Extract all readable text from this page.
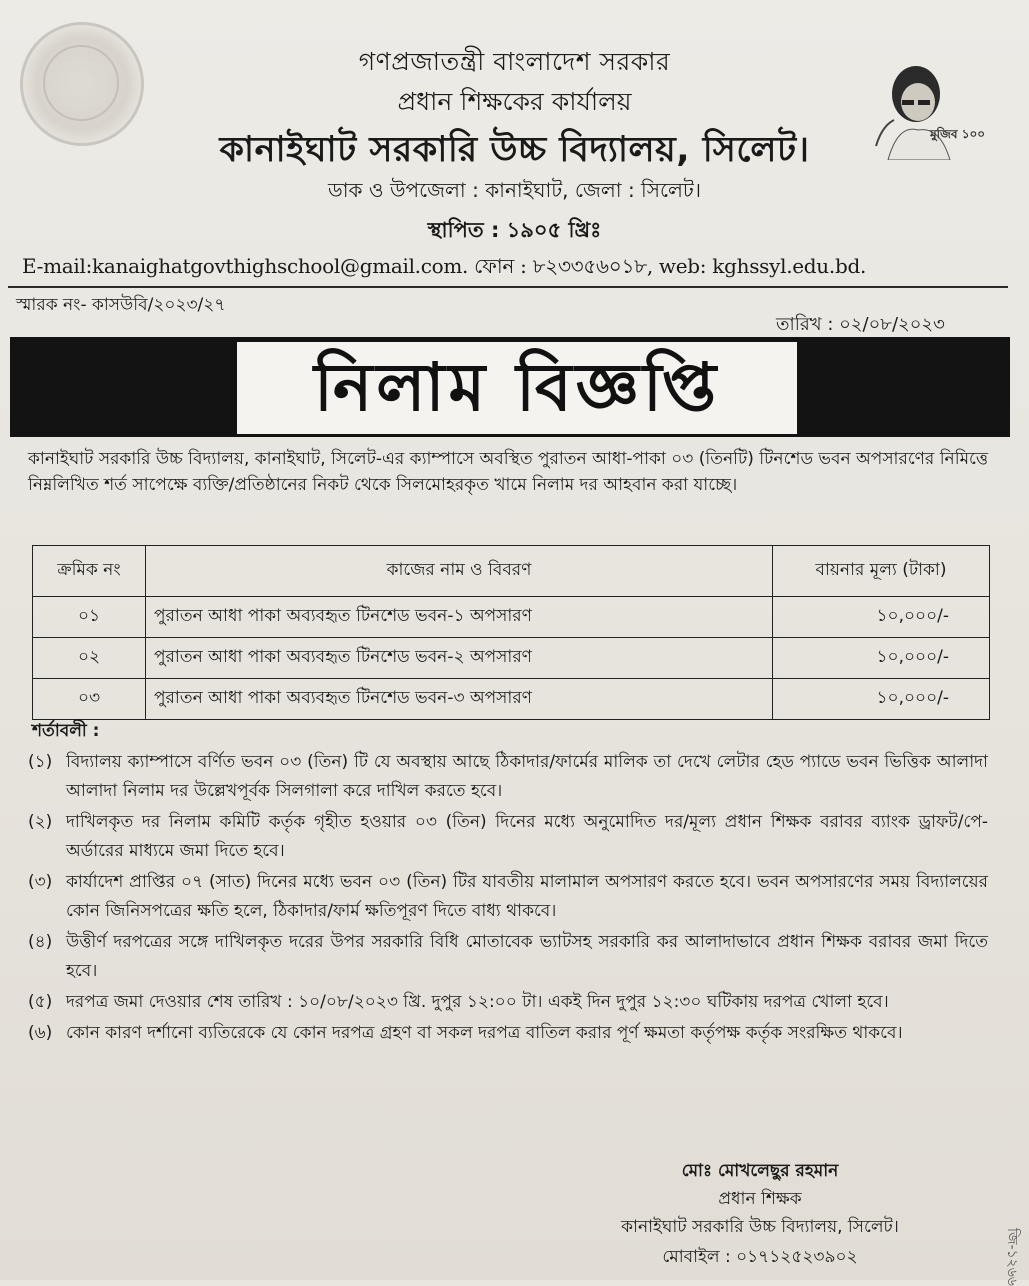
মুজিব ১০০
গণপ্রজাতন্ত্রী বাংলাদেশ সরকার
প্রধান শিক্ষকের কার্যালয়
কানাইঘাট সরকারি উচ্চ বিদ্যালয়, সিলেট।
ডাক ও উপজেলা : কানাইঘাট, জেলা : সিলেট।
স্থাপিত : ১৯০৫ খ্রিঃ
E-mail:kanaighatgovthighschool@gmail.com. ফোন : ৮২৩৩৫৬০১৮, web: kghssyl.edu.bd.
স্মারক নং- কাসউবি/২০২৩/২৭
তারিখ : ০২/০৮/২০২৩
নিলাম বিজ্ঞপ্তি
কানাইঘাট সরকারি উচ্চ বিদ্যালয়, কানাইঘাট, সিলেট-এর ক্যাম্পাসে অবস্থিত পুরাতন আধা-পাকা ০৩ (তিনটি) টিনশেড ভবন অপসারণের নিমিত্তে নিম্নলিখিত শর্ত সাপেক্ষে ব্যক্তি/প্রতিষ্ঠানের নিকট থেকে সিলমোহরকৃত খামে নিলাম দর আহবান করা যাচ্ছে।
ক্রমিক নং	কাজের নাম ও বিবরণ	বায়নার মূল্য (টাকা)
০১	পুরাতন আধা পাকা অব্যবহৃত টিনশেড ভবন-১ অপসারণ	১০,০০০/-
০২	পুরাতন আধা পাকা অব্যবহৃত টিনশেড ভবন-২ অপসারণ	১০,০০০/-
০৩	পুরাতন আধা পাকা অব্যবহৃত টিনশেড ভবন-৩ অপসারণ	১০,০০০/-
শর্তাবলী :
(১) বিদ্যালয় ক্যাম্পাসে বর্ণিত ভবন ০৩ (তিন) টি যে অবস্থায় আছে ঠিকাদার/ফার্মের মালিক তা দেখে লেটার হেড প্যাডে ভবন ভিত্তিক আলাদা আলাদা নিলাম দর উল্লেখপূর্বক সিলগালা করে দাখিল করতে হবে।
(২) দাখিলকৃত দর নিলাম কমিটি কর্তৃক গৃহীত হওয়ার ০৩ (তিন) দিনের মধ্যে অনুমোদিত দর/মূল্য প্রধান শিক্ষক বরাবর ব্যাংক ড্রাফট/পে-অর্ডারের মাধ্যমে জমা দিতে হবে।
(৩) কার্যাদেশ প্রাপ্তির ০৭ (সাত) দিনের মধ্যে ভবন ০৩ (তিন) টির যাবতীয় মালামাল অপসারণ করতে হবে। ভবন অপসারণের সময় বিদ্যালয়ের কোন জিনিসপত্রের ক্ষতি হলে, ঠিকাদার/ফার্ম ক্ষতিপূরণ দিতে বাধ্য থাকবে।
(৪) উত্তীর্ণ দরপত্রের সঙ্গে দাখিলকৃত দরের উপর সরকারি বিধি মোতাবেক ভ্যাটসহ সরকারি কর আলাদাভাবে প্রধান শিক্ষক বরাবর জমা দিতে হবে।
(৫) দরপত্র জমা দেওয়ার শেষ তারিখ : ১০/০৮/২০২৩ খ্রি. দুপুর ১২:০০ টা। একই দিন দুপুর ১২:৩০ ঘটিকায় দরপত্র খোলা হবে।
(৬) কোন কারণ দর্শানো ব্যতিরেকে যে কোন দরপত্র গ্রহণ বা সকল দরপত্র বাতিল করার পূর্ণ ক্ষমতা কর্তৃপক্ষ কর্তৃক সংরক্ষিত থাকবে।
মোঃ মোখলেছুর রহমান
প্রধান শিক্ষক
কানাইঘাট সরকারি উচ্চ বিদ্যালয়, সিলেট।
মোবাইল : ০১৭১২৫২৩৯০২	জি-১২৬৬
